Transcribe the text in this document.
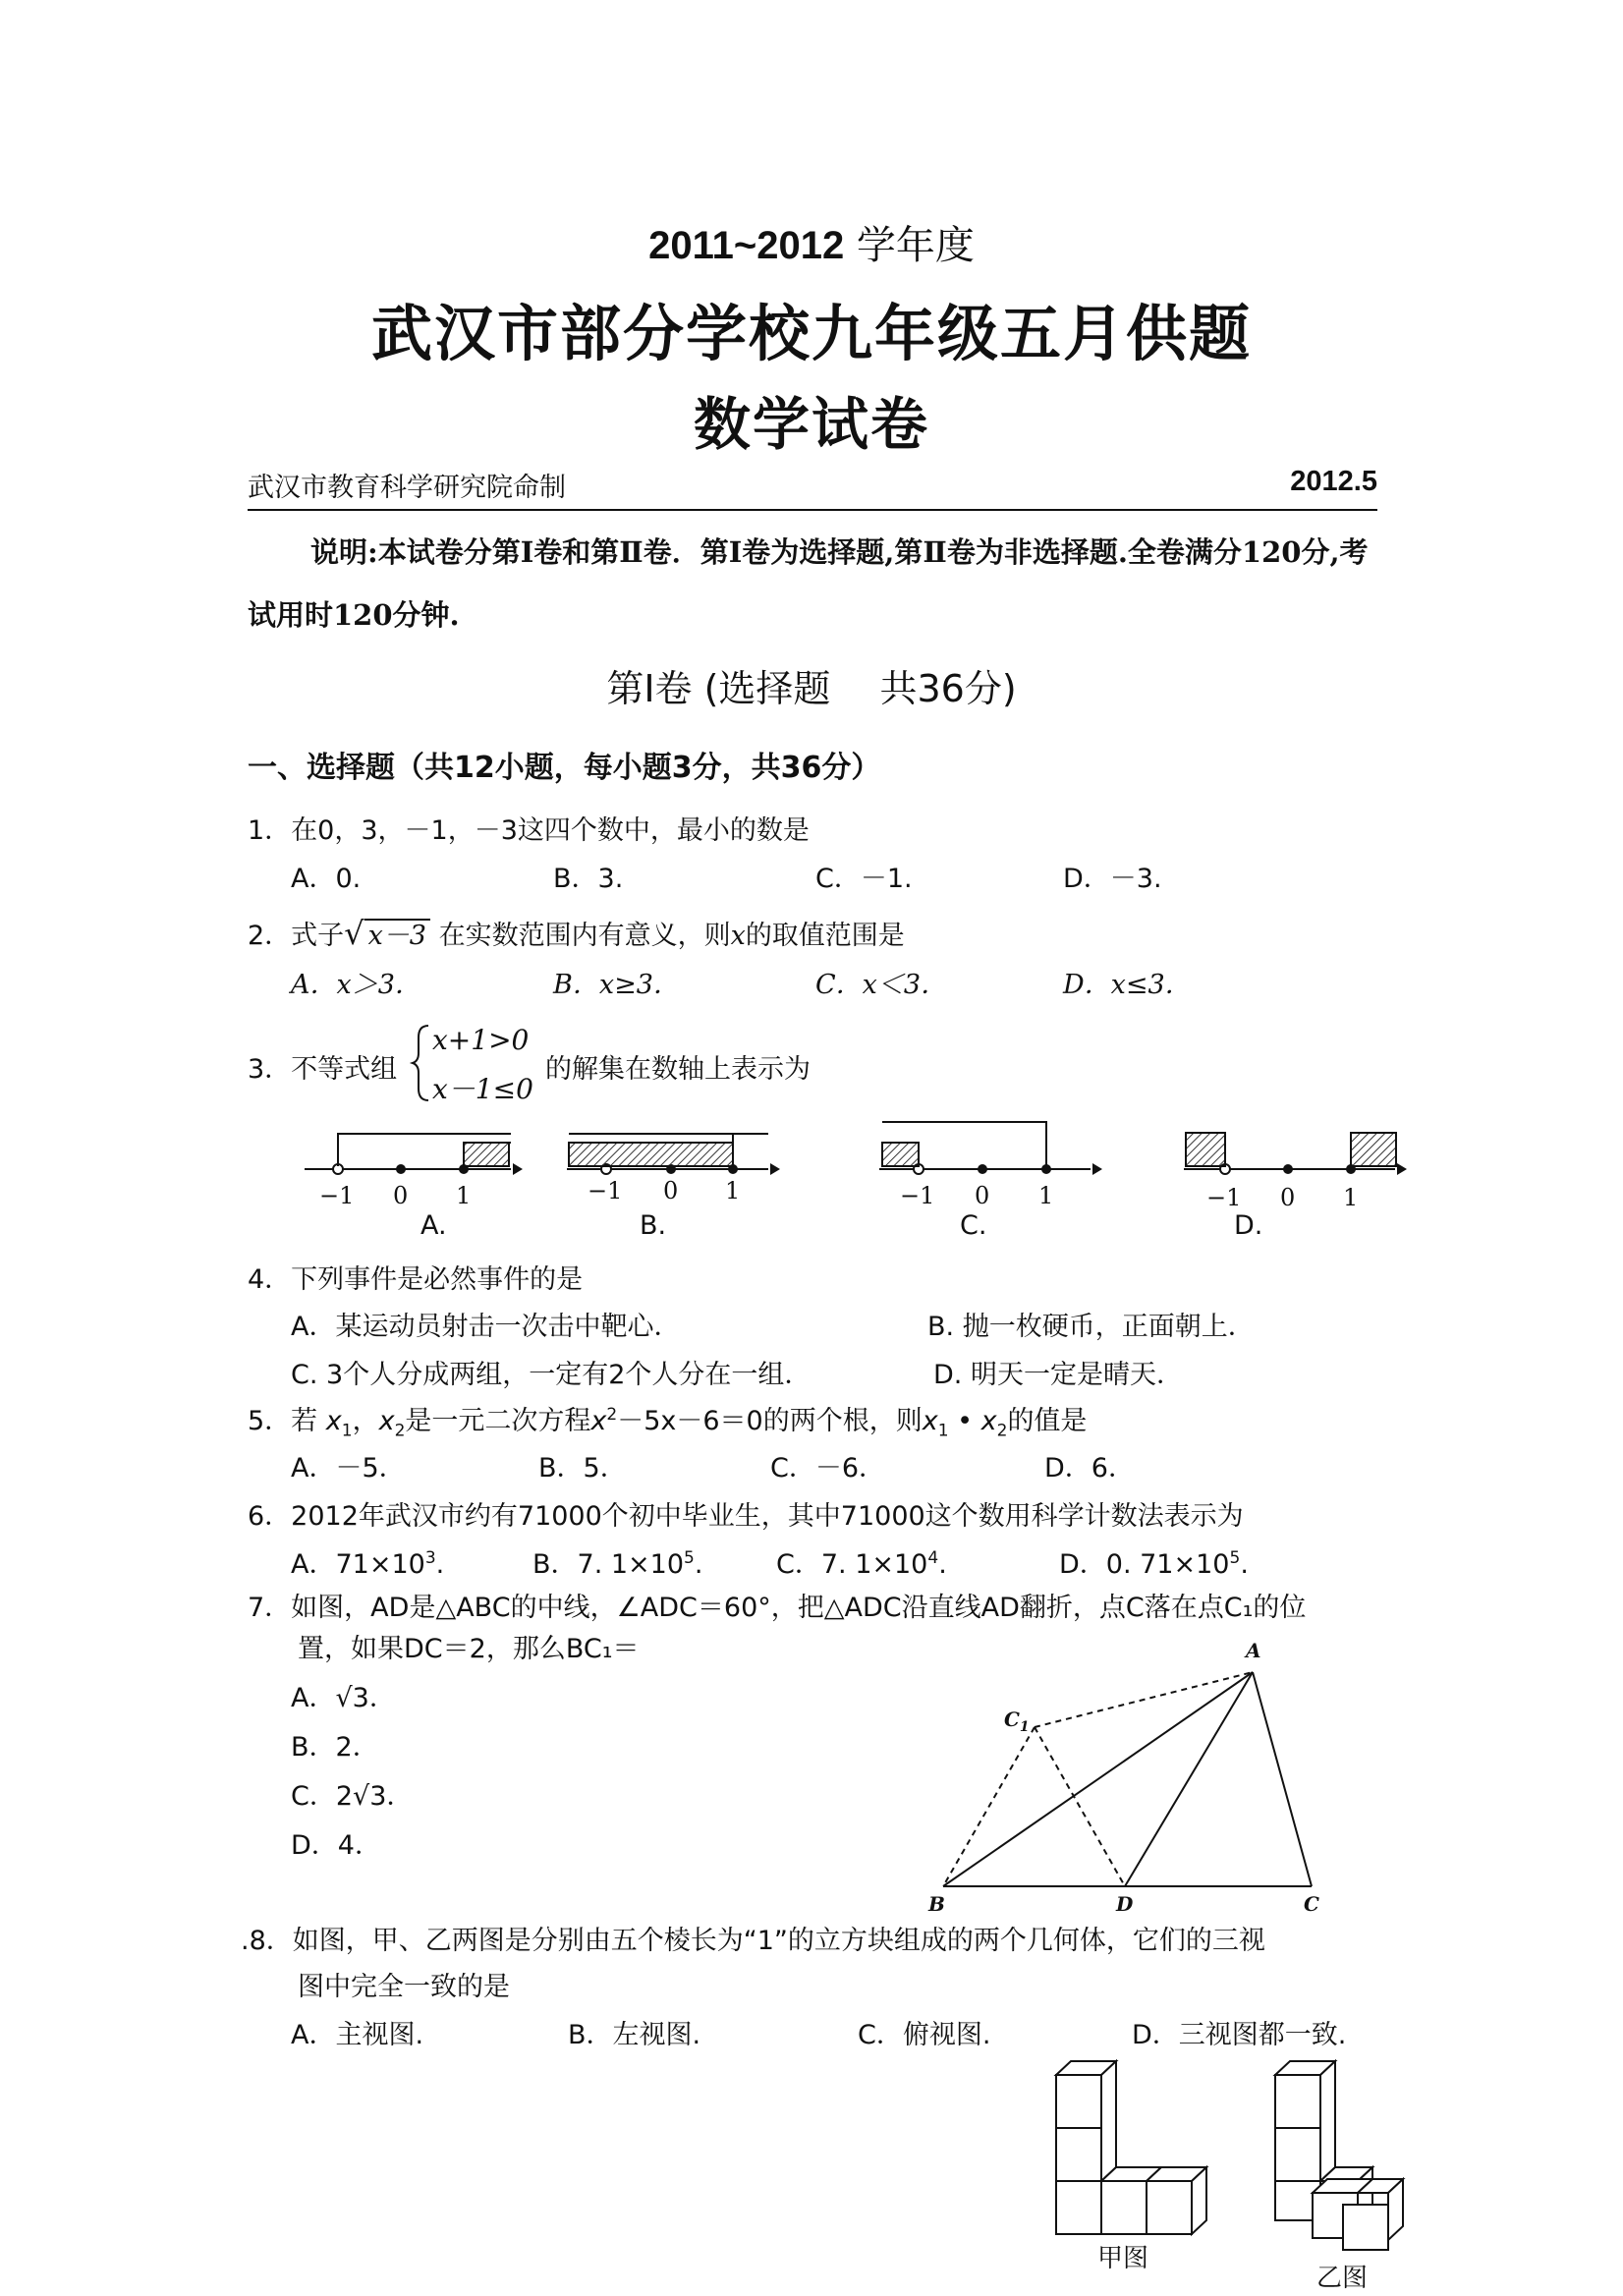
2011~2012 学年度
武汉市部分学校九年级五月供题
数学试卷
武汉市教育科学研究院命制	2012.5
说明:本试卷分第Ⅰ卷和第Ⅱ卷．第Ⅰ卷为选择题,第Ⅱ卷为非选择题.全卷满分120分,考试用时120分钟.
第Ⅰ卷 (选择题　 共36分)
一、选择题（共12小题，每小题3分，共36分）
1．在0，3，－1，－3这四个数中，最小的数是
A．0.	B．3.	C．－1.	D．－3.
2．式子√ x－3 在实数范围内有意义，则x的取值范围是
A．x＞3．	B．x≥3．	C．x＜3．	D．x≤3．
3．不等式组
x+1>0
x－1≤0
的解集在数轴上表示为
−1 0 1	−1 0 1	−1 0 1	−1 0 1
A.	B.	C.	D.
4．下列事件是必然事件的是
A．某运动员射击一次击中靶心．	B. 抛一枚硬币，正面朝上．
C. 3个人分成两组，一定有2个人分在一组．	D. 明天一定是晴天．
5．若 $x_1$，$x_2$是一元二次方程$x^2-5x-6=0$的两个根，则$x_1$ • $x_2$的值是
A．－5．	B．5．	C．－6．	D．6．
6．2012年武汉市约有71000个初中毕业生，其中71000这个数用科学计数法表示为
A．$71\times 10^3$.	B．7. $1\times 10^5$.	C．7. $1\times 10^4$.	D．0. $71\times 10^5$.
7．如图，AD是△ABC的中线，∠ADC＝60°，把△ADC沿直线AD翻折，点C落在点C₁的位
置，如果DC＝2，那么BC₁＝
A．√3．
B．2．
C．2√3．
D．4．
A
B	D	C
$C_1$
.8．如图，甲、乙两图是分别由五个棱长为“1”的立方块组成的两个几何体，它们的三视
图中完全一致的是
A．主视图.	B．左视图.	C．俯视图.	D．三视图都一致.
甲图
乙图
